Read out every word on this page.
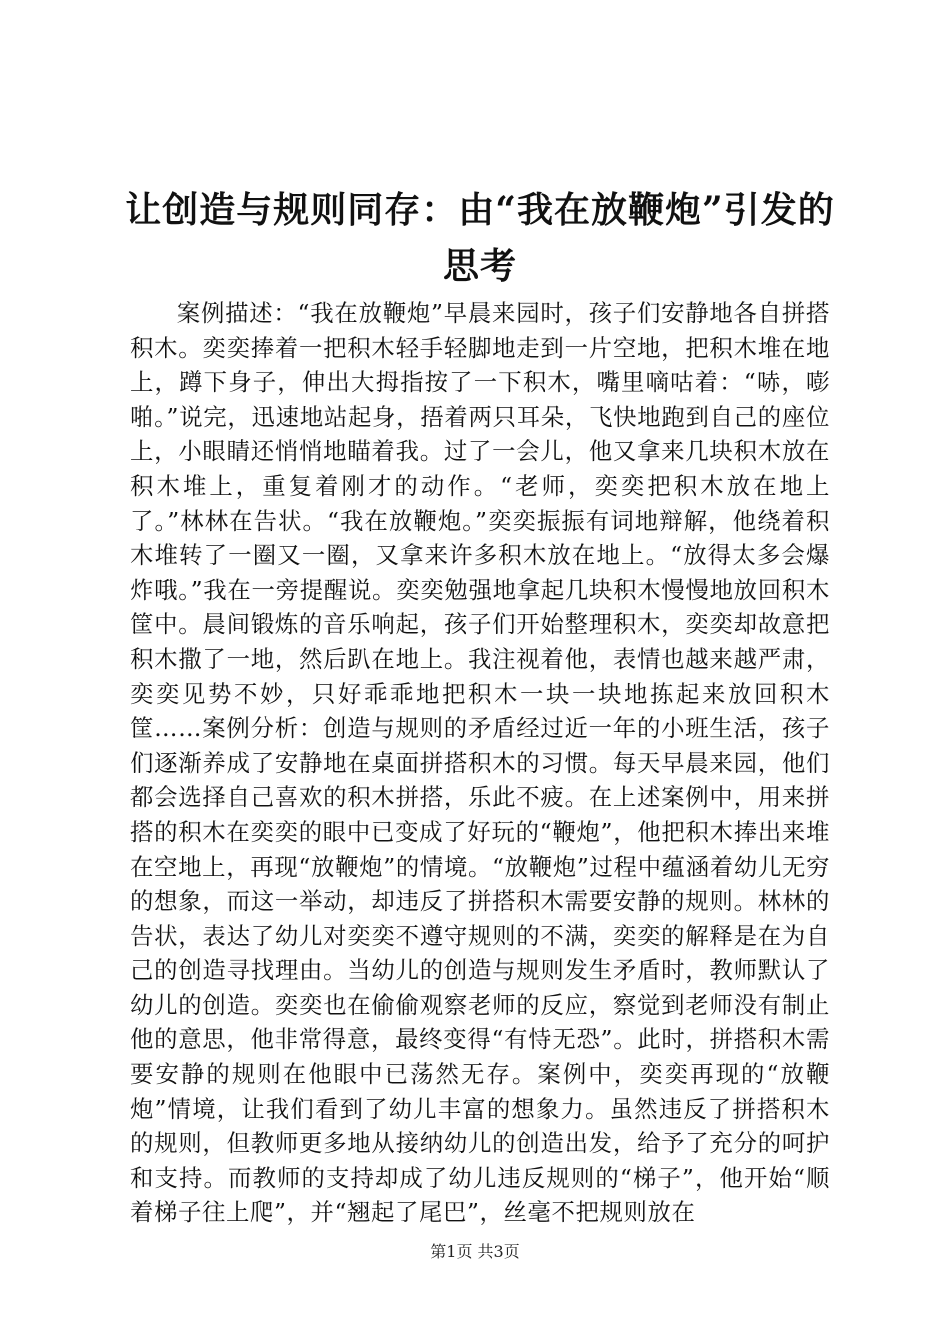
让创造与规则同存：由“我在放鞭炮”引发的
思考

案例描述：“我在放鞭炮”早晨来园时，孩子们安静地各自拼搭积木。奕奕捧着一把积木轻手轻脚地走到一片空地，把积木堆在地上，蹲下身子，伸出大拇指按了一下积木，嘴里嘀咕着：“哧，嘭啪。”说完，迅速地站起身，捂着两只耳朵，飞快地跑到自己的座位上，小眼睛还悄悄地瞄着我。过了一会儿，他又拿来几块积木放在积木堆上，重复着刚才的动作。“老师，奕奕把积木放在地上了。”林林在告状。“我在放鞭炮。”奕奕振振有词地辩解，他绕着积木堆转了一圈又一圈，又拿来许多积木放在地上。“放得太多会爆炸哦。”我在一旁提醒说。奕奕勉强地拿起几块积木慢慢地放回积木筐中。晨间锻炼的音乐响起，孩子们开始整理积木，奕奕却故意把积木撒了一地，然后趴在地上。我注视着他，表情也越来越严肃，奕奕见势不妙，只好乖乖地把积木一块一块地拣起来放回积木筐……案例分析：创造与规则的矛盾经过近一年的小班生活，孩子们逐渐养成了安静地在桌面拼搭积木的习惯。每天早晨来园，他们都会选择自己喜欢的积木拼搭，乐此不疲。在上述案例中，用来拼搭的积木在奕奕的眼中已变成了好玩的“鞭炮”，他把积木捧出来堆在空地上，再现“放鞭炮”的情境。“放鞭炮”过程中蕴涵着幼儿无穷的想象，而这一举动，却违反了拼搭积木需要安静的规则。林林的告状，表达了幼儿对奕奕不遵守规则的不满，奕奕的解释是在为自己的创造寻找理由。当幼儿的创造与规则发生矛盾时，教师默认了幼儿的创造。奕奕也在偷偷观察老师的反应，察觉到老师没有制止他的意思，他非常得意，最终变得“有恃无恐”。此时，拼搭积木需要安静的规则在他眼中已荡然无存。案例中，奕奕再现的“放鞭炮”情境，让我们看到了幼儿丰富的想象力。虽然违反了拼搭积木的规则，但教师更多地从接纳幼儿的创造出发，给予了充分的呵护和支持。而教师的支持却成了幼儿违反规则的“梯子”，他开始“顺着梯子往上爬”，并“翘起了尾巴”，丝毫不把规则放在

第1页 共3页
